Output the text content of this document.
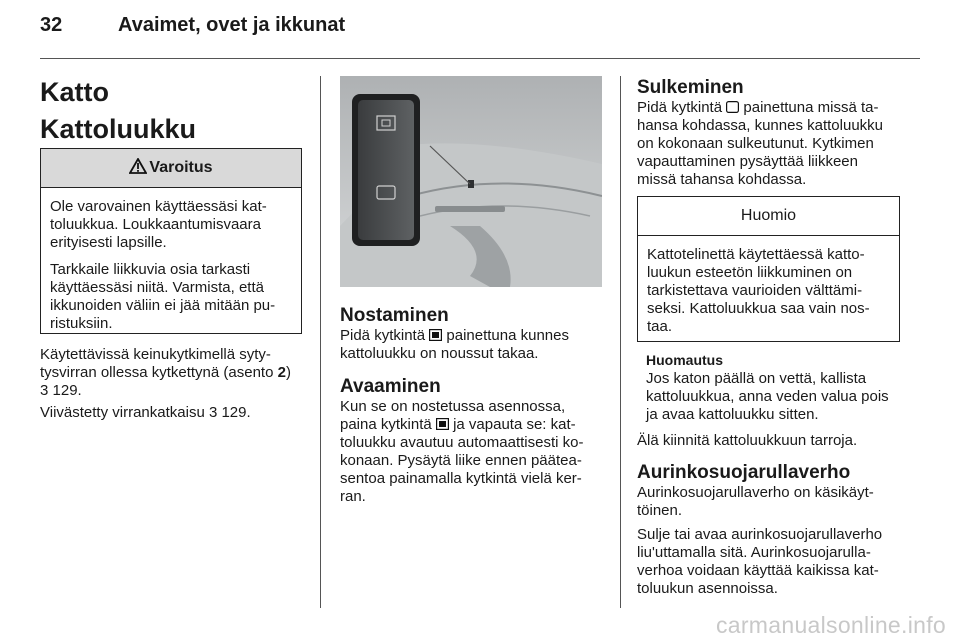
32	Avaimet, ovet ja ikkunat
Katto
Kattoluukku
Varoitus

Ole varovainen käyttäessäsi kat-
toluukkua. Loukkaantumisvaara
erityisesti lapsille.

Tarkkaile liikkuvia osia tarkasti
käyttäessäsi niitä. Varmista, että
ikkunoiden väliin ei jää mitään pu-
ristuksiin.

Käytettävissä keinukytkimellä syty-
tysvirran ollessa kytkettynä (asento 2)
3 129.
Viivästetty virrankatkaisu 3 129.
Nostaminen
Pidä kytkintä painettuna kunnes
kattoluukku on noussut takaa.
Avaaminen
Kun se on nostetussa asennossa,
paina kytkintä ja vapauta se: kat-
toluukku avautuu automaattisesti ko-
konaan. Pysäytä liike ennen päätea-
sentoa painamalla kytkintä vielä ker-
ran.
Sulkeminen
Pidä kytkintä painettuna missä ta-
hansa kohdassa, kunnes kattoluukku
on kokonaan sulkeutunut. Kytkimen
vapauttaminen pysäyttää liikkeen
missä tahansa kohdassa.
Huomio
Kattotelinettä käytettäessä katto-
luukun esteetön liikkuminen on
tarkistettava vaurioiden välttämi-
seksi. Kattoluukkua saa vain nos-
taa.
Huomautus
Jos katon päällä on vettä, kallista
kattoluukkua, anna veden valua pois
ja avaa kattoluukku sitten.
Älä kiinnitä kattoluukkuun tarroja.
Aurinkosuojarullaverho
Aurinkosuojarullaverho on käsikäyt-
töinen.
Sulje tai avaa aurinkosuojarullaverho
liu'uttamalla sitä. Aurinkosuojarulla-
verhoa voidaan käyttää kaikissa kat-
toluukun asennoissa.
carmanualsonline.info
